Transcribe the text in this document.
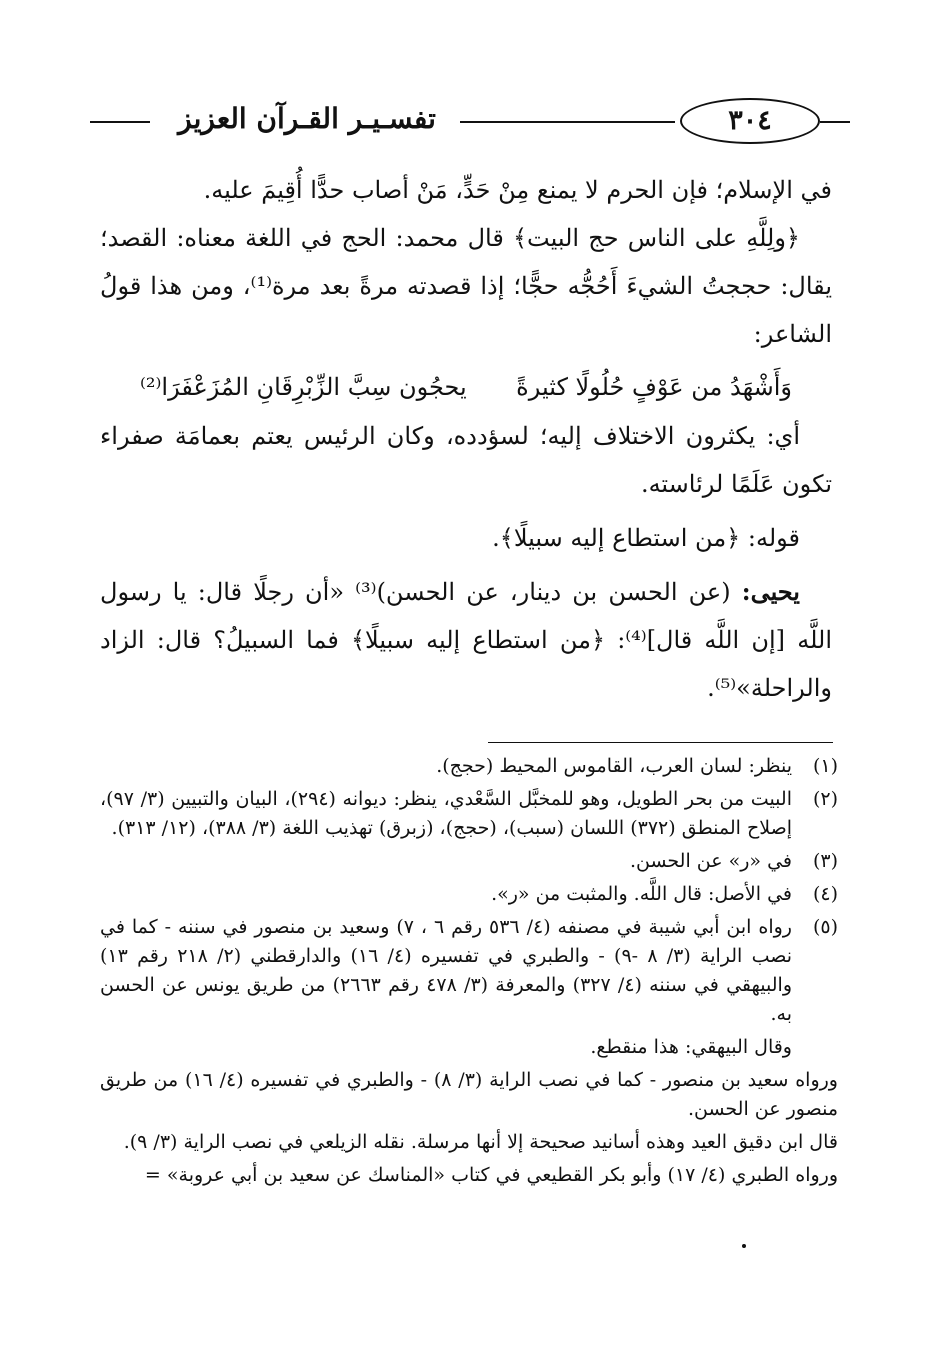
تفسـيـر القـرآن العزيز	٣٠٤

في الإسلام؛ فإن الحرم لا يمنع مِنْ حَدٍّ، مَنْ أصاب حدًّا أُقِيمَ عليه.

﴿ولِلَّهِ على الناس حج البيت﴾ قال محمد: الحج في اللغة معناه: القصد؛ يقال: حججتُ الشيءَ أَحُجُّه حجًّا؛ إذا قصدته مرةً بعد مرة⁽¹⁾، ومن هذا قولُ الشاعر:

وَأَشْهَدُ من عَوْفٍ حُلُولًا كثيرةً
يحجُون سِبَّ الزِّبْرِقَانِ المُزَعْفَرَا⁽²⁾

أي: يكثرون الاختلاف إليه؛ لسؤدده، وكان الرئيس يعتم بعمامَة صفراء تكون عَلَمًا لرئاسته.

قوله: ﴿من استطاع إليه سبيلًا﴾.

يحيى: (عن الحسن بن دينار، عن الحسن)⁽³⁾ «أن رجلًا قال: يا رسول اللَّه [إن اللَّه قال]⁽⁴⁾: ﴿من استطاع إليه سبيلًا﴾ فما السبيلُ؟ قال: الزاد والراحلة»⁽⁵⁾.

(١)
ينظر: لسان العرب، القاموس المحيط (حجج).
(٢)
البيت من بحر الطويل، وهو للمخبَّل السَّعْدي، ينظر: ديوانه (٢٩٤)، البيان والتبيين (٣/ ٩٧)، إصلاح المنطق (٣٧٢) اللسان (سبب)، (حجج)، (زبرق) تهذيب اللغة (٣/ ٣٨٨)، (١٢/ ٣١٣).
(٣)
في «ر» عن الحسن.
(٤)
في الأصل: قال اللَّه. والمثبت من «ر».
(٥)
رواه ابن أبي شيبة في مصنفه (٤/ ٥٣٦ رقم ٦ ، ٧) وسعيد بن منصور في سننه - كما في نصب الراية (٣/ ٨ -٩) - والطبري في تفسيره (٤/ ١٦) والدارقطني (٢/ ٢١٨ رقم ١٣) والبيهقي في سننه (٤/ ٣٢٧) والمعرفة (٣/ ٤٧٨ رقم ٢٦٦٣) من طريق يونس عن الحسن به.
وقال البيهقي: هذا منقطع.
ورواه سعيد بن منصور - كما في نصب الراية (٣/ ٨) - والطبري في تفسيره (٤/ ١٦) من طريق منصور عن الحسن.
قال ابن دقيق العيد وهذه أسانيد صحيحة إلا أنها مرسلة. نقله الزيلعي في نصب الراية (٣/ ٩).
ورواه الطبري (٤/ ١٧) وأبو بكر القطيعي في كتاب «المناسك عن سعيد بن أبي عروبة» =
